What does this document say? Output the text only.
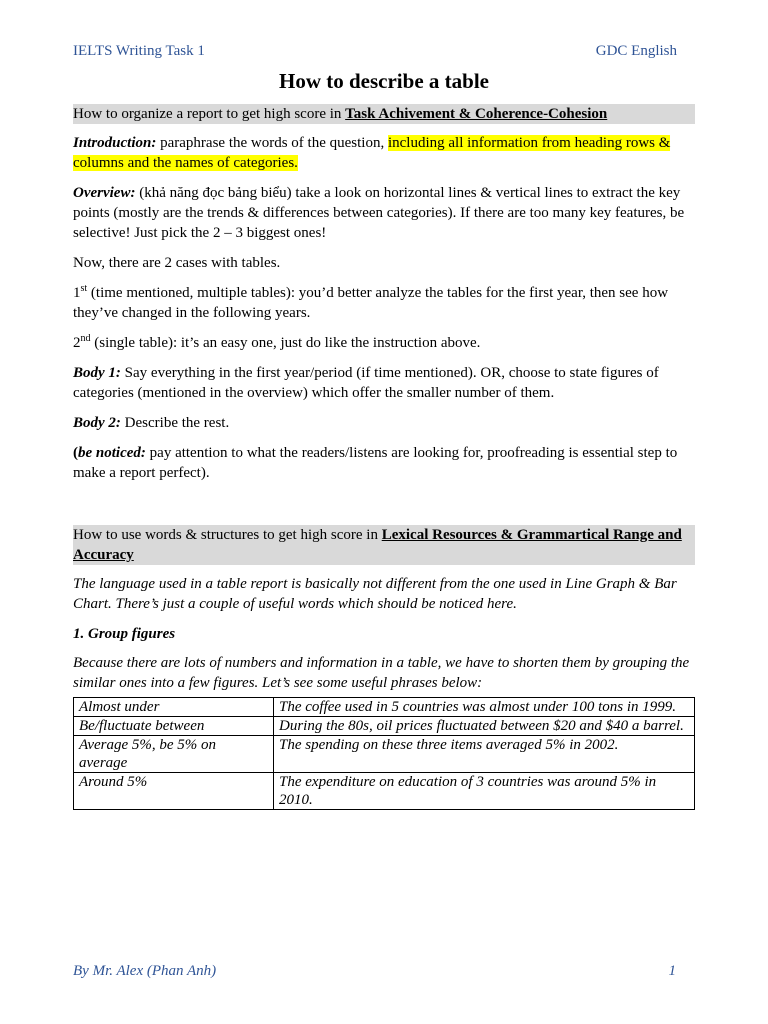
IELTS Writing Task 1	GDC English
How to describe a table

How to organize a report to get high score in Task Achivement & Coherence-Cohesion

Introduction: paraphrase the words of the question, including all information from heading rows & columns and the names of categories.

Overview: (khả năng đọc bảng biểu) take a look on horizontal lines & vertical lines to extract the key points (mostly are the trends & differences between categories). If there are too many key features, be selective! Just pick the 2 – 3 biggest ones!

Now, there are 2 cases with tables.

1st (time mentioned, multiple tables): you’d better analyze the tables for the first year, then see how they’ve changed in the following years.

2nd (single table): it’s an easy one, just do like the instruction above.

Body 1: Say everything in the first year/period (if time mentioned). OR, choose to state figures of categories (mentioned in the overview) which offer the smaller number of them.

Body 2: Describe the rest.

(be noticed: pay attention to what the readers/listens are looking for, proofreading is essential step to make a report perfect).

How to use words & structures to get high score in Lexical Resources & Grammartical Range and Accuracy

The language used in a table report is basically not different from the one used in Line Graph & Bar Chart. There’s just a couple of useful words which should be noticed here.

1. Group figures

Because there are lots of numbers and information in a table, we have to shorten them by grouping the similar ones into a few figures. Let’s see some useful phrases below:

Almost under	The coffee used in 5 countries was almost under 100 tons in 1999.
Be/fluctuate between	During the 80s, oil prices fluctuated between $20 and $40 a barrel.
Average 5%, be 5% on average	The spending on these three items averaged 5% in 2002.
Around 5%	The expenditure on education of 3 countries was around 5% in 2010.
By Mr. Alex (Phan Anh)	1
